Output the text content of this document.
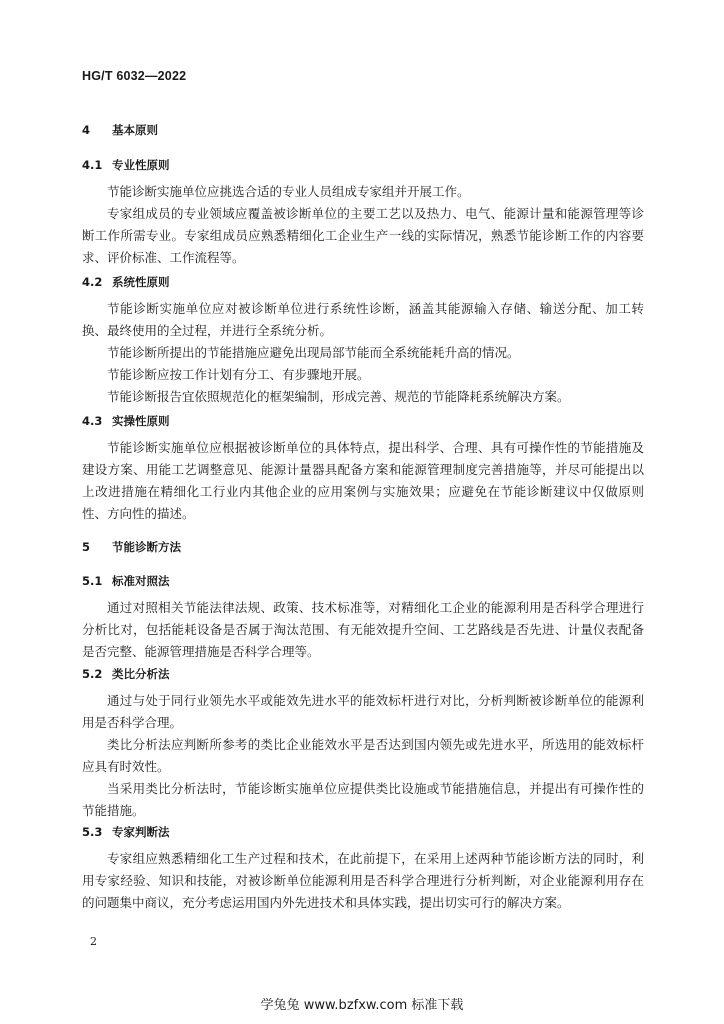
HG/T 6032—2022
4 基本原则
4.1 专业性原则

节能诊断实施单位应挑选合适的专业人员组成专家组并开展工作。

专家组成员的专业领域应覆盖被诊断单位的主要工艺以及热力、电气、能源计量和能源管理等诊断工作所需专业。专家组成员应熟悉精细化工企业生产一线的实际情况，熟悉节能诊断工作的内容要求、评价标准、工作流程等。

4.2 系统性原则

节能诊断实施单位应对被诊断单位进行系统性诊断，涵盖其能源输入存储、输送分配、加工转换、最终使用的全过程，并进行全系统分析。

节能诊断所提出的节能措施应避免出现局部节能而全系统能耗升高的情况。

节能诊断应按工作计划有分工、有步骤地开展。

节能诊断报告宜依照规范化的框架编制，形成完善、规范的节能降耗系统解决方案。

4.3 实操性原则

节能诊断实施单位应根据被诊断单位的具体特点，提出科学、合理、具有可操作性的节能措施及建设方案、用能工艺调整意见、能源计量器具配备方案和能源管理制度完善措施等，并尽可能提出以上改进措施在精细化工行业内其他企业的应用案例与实施效果；应避免在节能诊断建议中仅做原则性、方向性的描述。

5 节能诊断方法
5.1 标准对照法

通过对照相关节能法律法规、政策、技术标准等，对精细化工企业的能源利用是否科学合理进行分析比对，包括能耗设备是否属于淘汰范围、有无能效提升空间、工艺路线是否先进、计量仪表配备是否完整、能源管理措施是否科学合理等。

5.2 类比分析法

通过与处于同行业领先水平或能效先进水平的能效标杆进行对比，分析判断被诊断单位的能源利用是否科学合理。

类比分析法应判断所参考的类比企业能效水平是否达到国内领先或先进水平，所选用的能效标杆应具有时效性。

当采用类比分析法时，节能诊断实施单位应提供类比设施或节能措施信息，并提出有可操作性的节能措施。

5.3 专家判断法

专家组应熟悉精细化工生产过程和技术，在此前提下，在采用上述两种节能诊断方法的同时，利用专家经验、知识和技能，对被诊断单位能源利用是否科学合理进行分析判断，对企业能源利用存在的问题集中商议，充分考虑运用国内外先进技术和具体实践，提出切实可行的解决方案。

2
学兔兔 www.bzfxw.com 标准下载
